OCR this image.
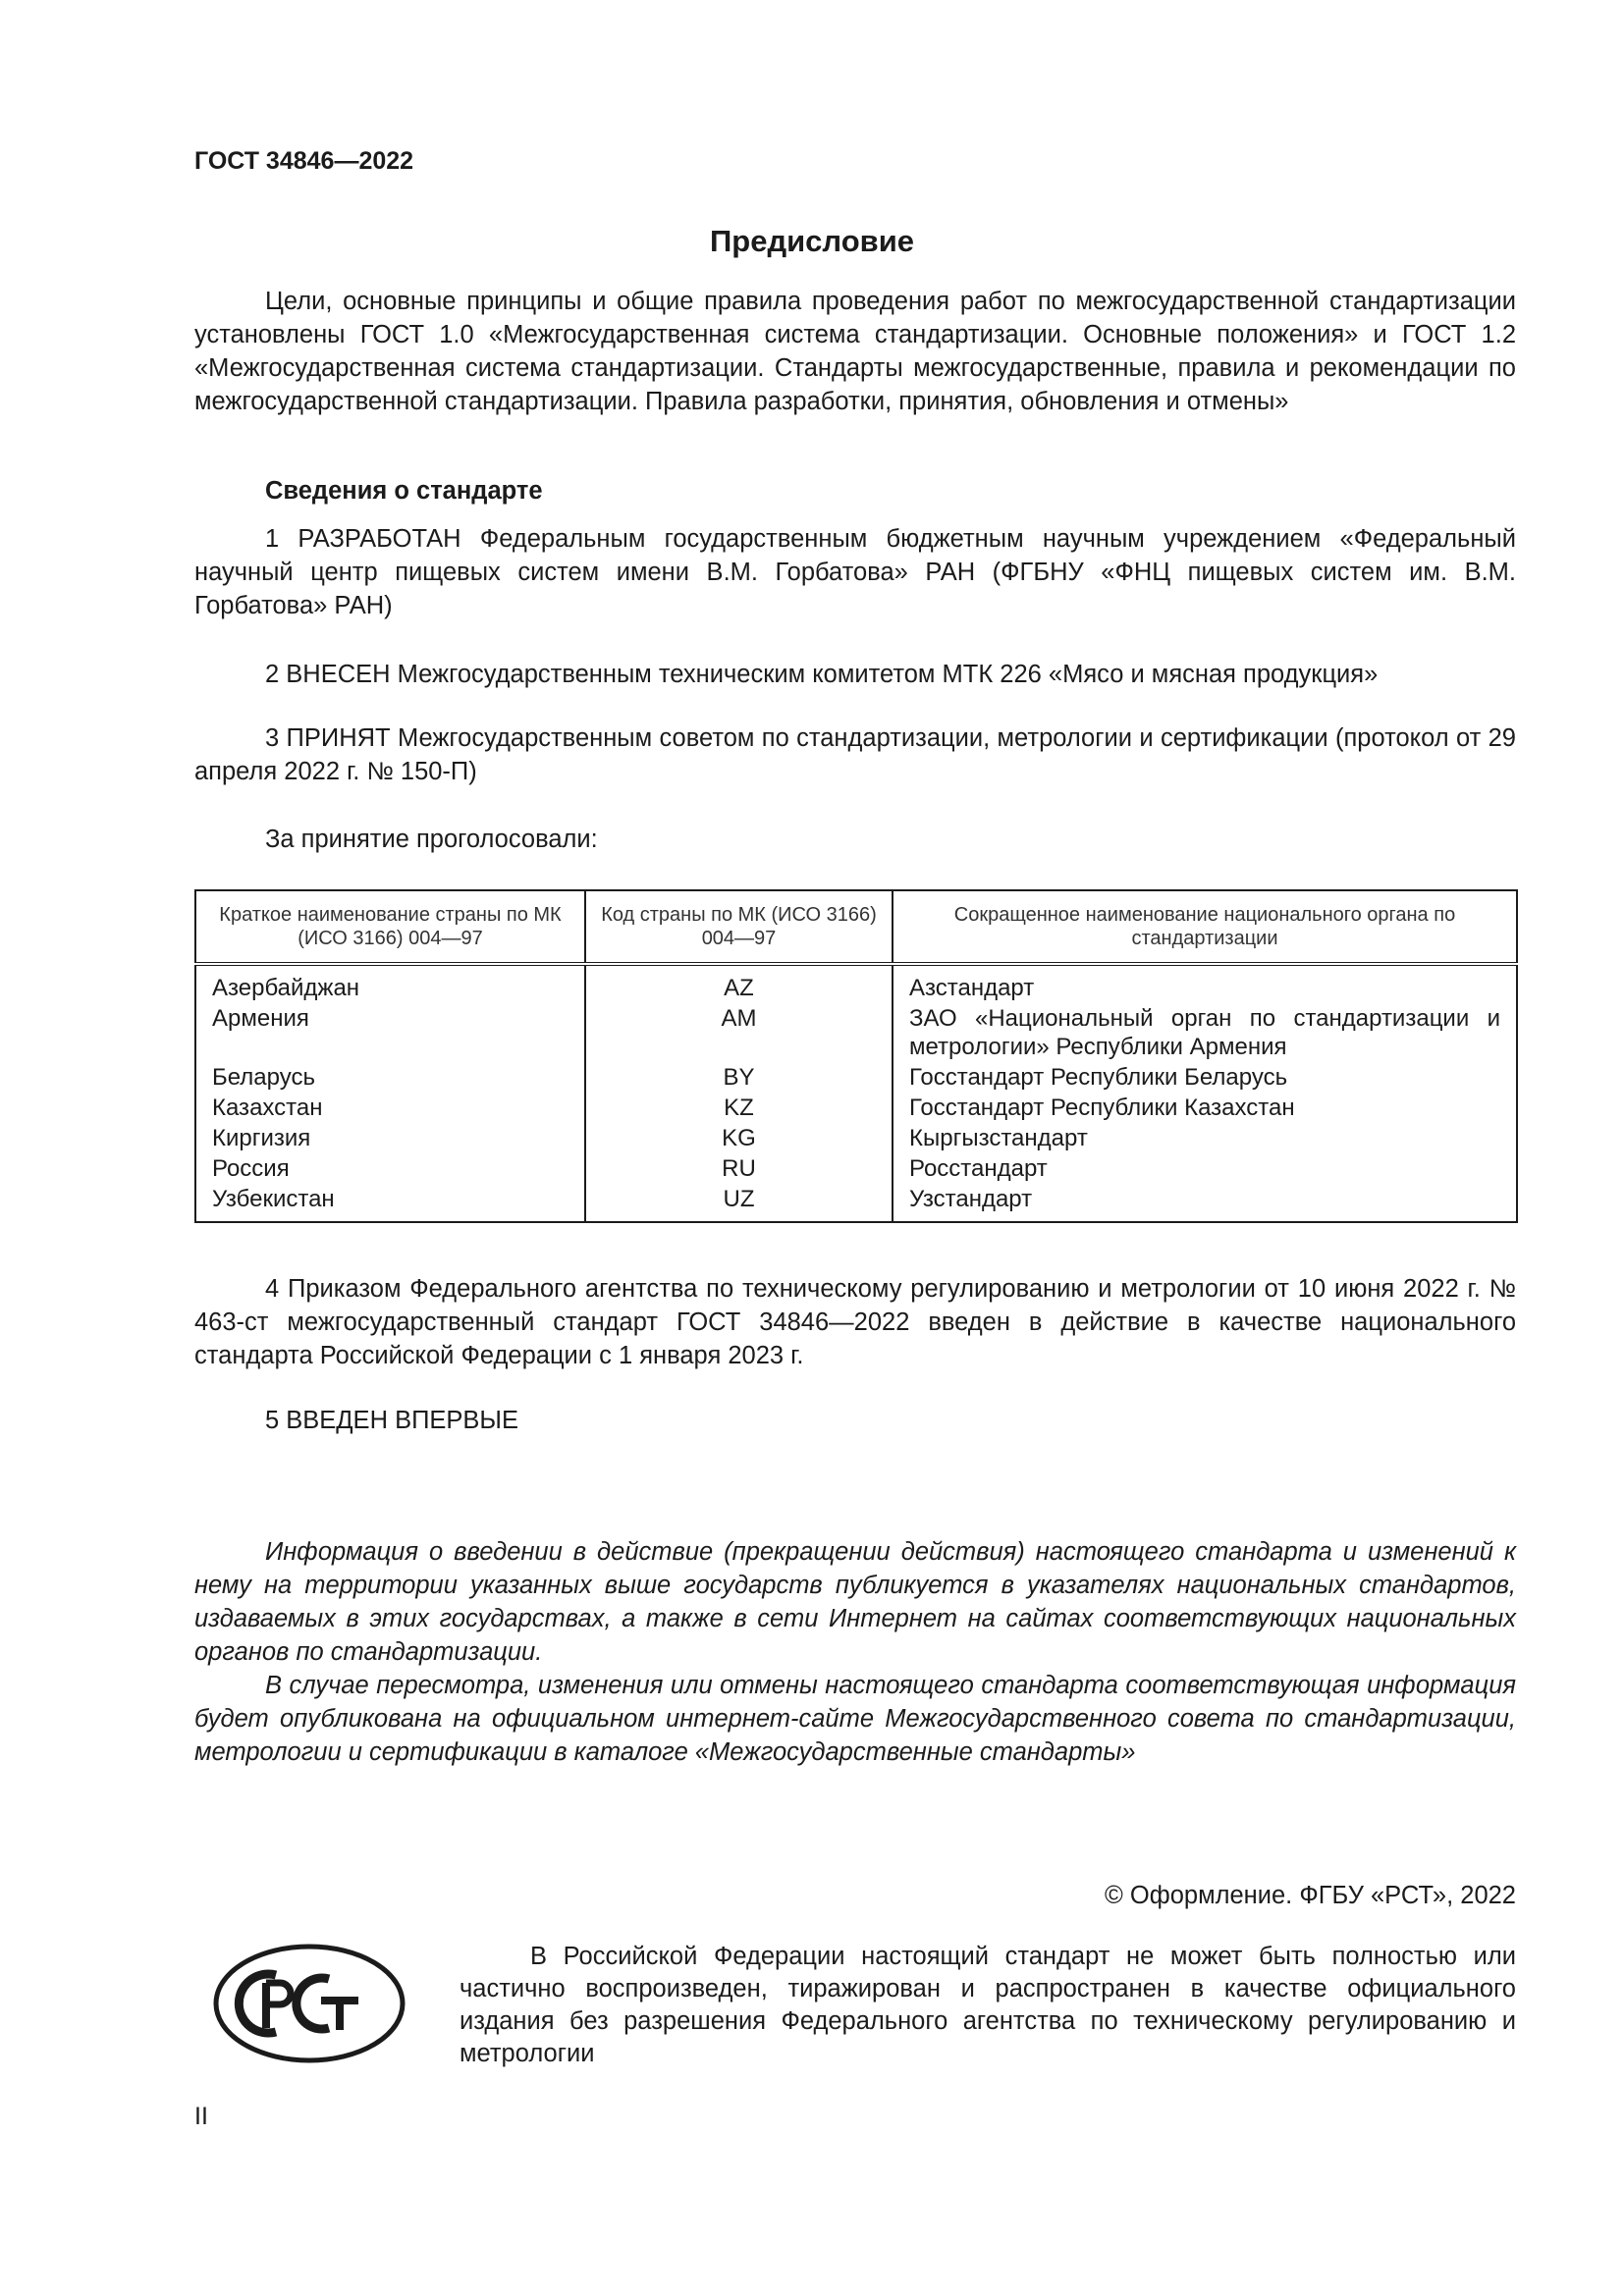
ГОСТ 34846—2022
Предисловие

Цели, основные принципы и общие правила проведения работ по межгосударственной стандартизации установлены ГОСТ 1.0 «Межгосударственная система стандартизации. Основные положения» и ГОСТ 1.2 «Межгосударственная система стандартизации. Стандарты межгосударственные, правила и рекомендации по межгосударственной стандартизации. Правила разработки, принятия, обновления и отмены»

Сведения о стандарте

1 РАЗРАБОТАН Федеральным государственным бюджетным научным учреждением «Федеральный научный центр пищевых систем имени В.М. Горбатова» РАН (ФГБНУ «ФНЦ пищевых систем им. В.М. Горбатова» РАН)

2 ВНЕСЕН Межгосударственным техническим комитетом МТК 226 «Мясо и мясная продукция»

3 ПРИНЯТ Межгосударственным советом по стандартизации, метрологии и сертификации (протокол от 29 апреля 2022 г. № 150-П)

За принятие проголосовали:

Краткое наименование страны по МК (ИСО 3166) 004—97	Код страны по МК (ИСО 3166) 004—97	Сокращенное наименование национального органа по стандартизации
Азербайджан	AZ	Азстандарт
Армения	AM	ЗАО «Национальный орган по стандартизации и метрологии» Республики Армения
Беларусь	BY	Госстандарт Республики Беларусь
Казахстан	KZ	Госстандарт Республики Казахстан
Киргизия	KG	Кыргызстандарт
Россия	RU	Росстандарт
Узбекистан	UZ	Узстандарт

4 Приказом Федерального агентства по техническому регулированию и метрологии от 10 июня 2022 г. № 463-ст межгосударственный стандарт ГОСТ 34846—2022 введен в действие в качестве национального стандарта Российской Федерации с 1 января 2023 г.

5 ВВЕДЕН ВПЕРВЫЕ

Информация о введении в действие (прекращении действия) настоящего стандарта и изменений к нему на территории указанных выше государств публикуется в указателях национальных стандартов, издаваемых в этих государствах, а также в сети Интернет на сайтах соответствующих национальных органов по стандартизации.

В случае пересмотра, изменения или отмены настоящего стандарта соответствующая информация будет опубликована на официальном интернет-сайте Межгосударственного совета по стандартизации, метрологии и сертификации в каталоге «Межгосударственные стандарты»

© Оформление. ФГБУ «РСТ», 2022

В Российской Федерации настоящий стандарт не может быть полностью или частично воспроизведен, тиражирован и распространен в качестве официального издания без разрешения Федерального агентства по техническому регулированию и метрологии

II
